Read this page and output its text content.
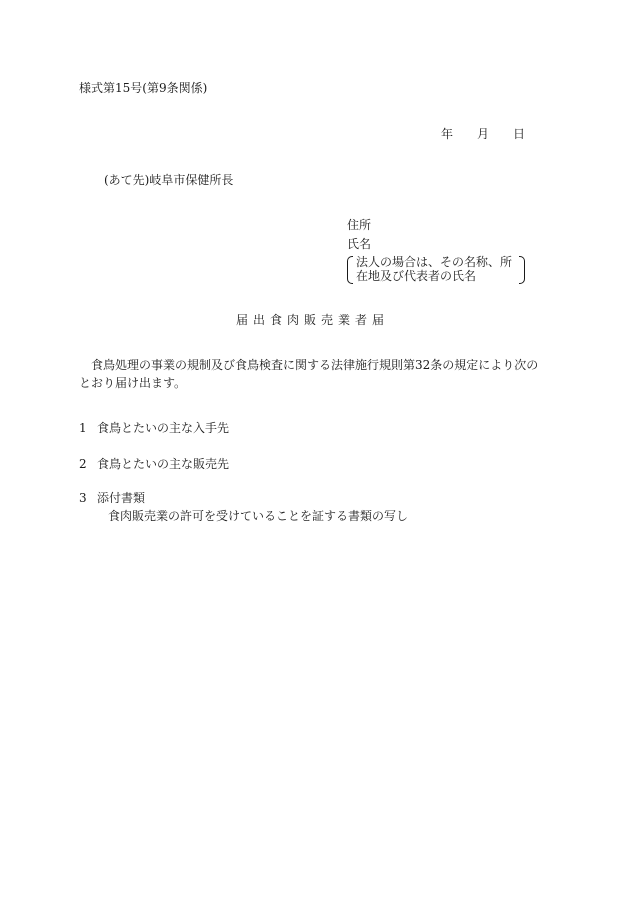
様式第15号(第9条関係)
年 月 日
(あて先)岐阜市保健所長
住所
氏名
法人の場合は、その名称、所
在地及び代表者の氏名
届出食肉販売業者届
食鳥処理の事業の規制及び食鳥検査に関する法律施行規則第32条の規定により次のとおり届け出ます。
1 食鳥とたいの主な入手先
2 食鳥とたいの主な販売先
3 添付書類
食肉販売業の許可を受けていることを証する書類の写し
